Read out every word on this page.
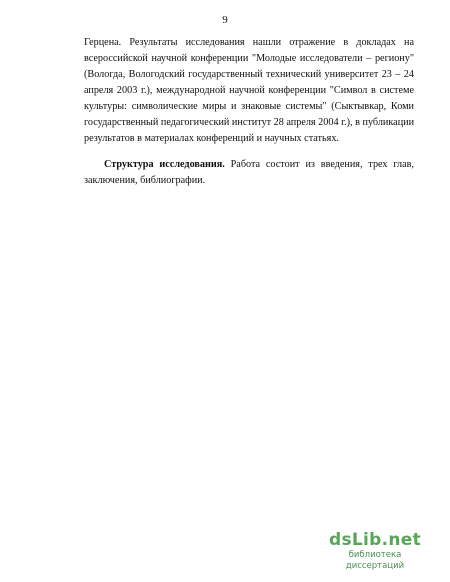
9
Герцена. Результаты исследования нашли отражение в докладах на
всероссийской научной конференции "Молодые исследователи – региону"
(Вологда, Вологодский государственный технический университет 23 – 24
апреля 2003 г.), международной научной конференции "Символ в системе
культуры: символические миры и знаковые системы" (Сыктывкар, Коми
государственный педагогический институт 28 апреля 2004 г.), в публикации
результатов в материалах конференций и научных статьях.
Структура исследования. Работа состоит из введения, трех глав,
заключения, библиографии.
dsLib.net
библиотека диссертаций
